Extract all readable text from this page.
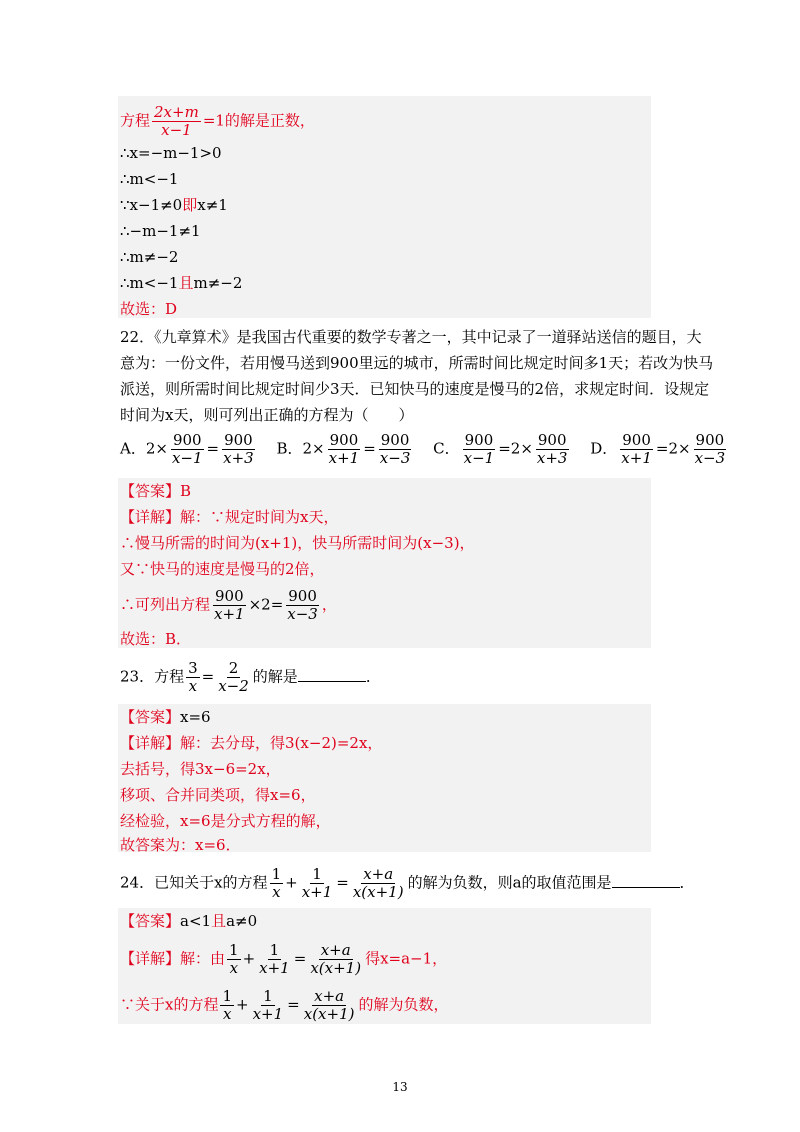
方程 $\frac{2x+m}{x-1} =1$的解是正数，
∴x=−m−1>0
∴m<−1
∵x−1≠0即x≠1
∴−m−1≠1
∴m≠−2
∴m<−1且m≠−2
故选：D
22．《九章算术》是我国古代重要的数学专著之一，其中记录了一道驿站送信的题目，大
意为：一份文件，若用慢马送到900里远的城市，所需时间比规定时间多1天；若改为快马
派送，则所需时间比规定时间少3天．已知快马的速度是慢马的2倍，求规定时间．设规定
时间为x天，则可列出正确的方程为（　　）
A．$2\times \frac{900}{x-1} = \frac{900}{x+3}$ B．$2\times \frac{900}{x+1} = \frac{900}{x-3}$ C． $\frac{900}{x-1} =2\times \frac{900}{x+3}$ D． $\frac{900}{x+1} =2\times \frac{900}{x-3}$
【答案】B
【详解】解：∵规定时间为x天，
∴慢马所需的时间为(x+1)，快马所需时间为(x−3)，
又∵快马的速度是慢马的2倍，
∴可列出方程 $\frac{900}{x+1} \times 2= \frac{900}{x-3}$ ，
故选：B．
23．方程 $\frac{3}{x} = \frac{2}{x-2}$ 的解是	．
【答案】x=6
【详解】解：去分母，得3(x−2)=2x，
去括号，得3x−6=2x，
移项、合并同类项，得x=6，
经检验，x=6是分式方程的解，
故答案为：x=6．
24．已知关于x的方程 $\frac{1}{x} + \frac{1}{x+1} = \frac{x+a}{x(x+1)}$ 的解为负数，则a的取值范围是	．
【答案】a<1且a≠0
【详解】解：由 $\frac{1}{x} + \frac{1}{x+1} = \frac{x+a}{x(x+1)}$ 得x=a−1，
∵关于x的方程 $\frac{1}{x} + \frac{1}{x+1} = \frac{x+a}{x(x+1)}$ 的解为负数，
13
